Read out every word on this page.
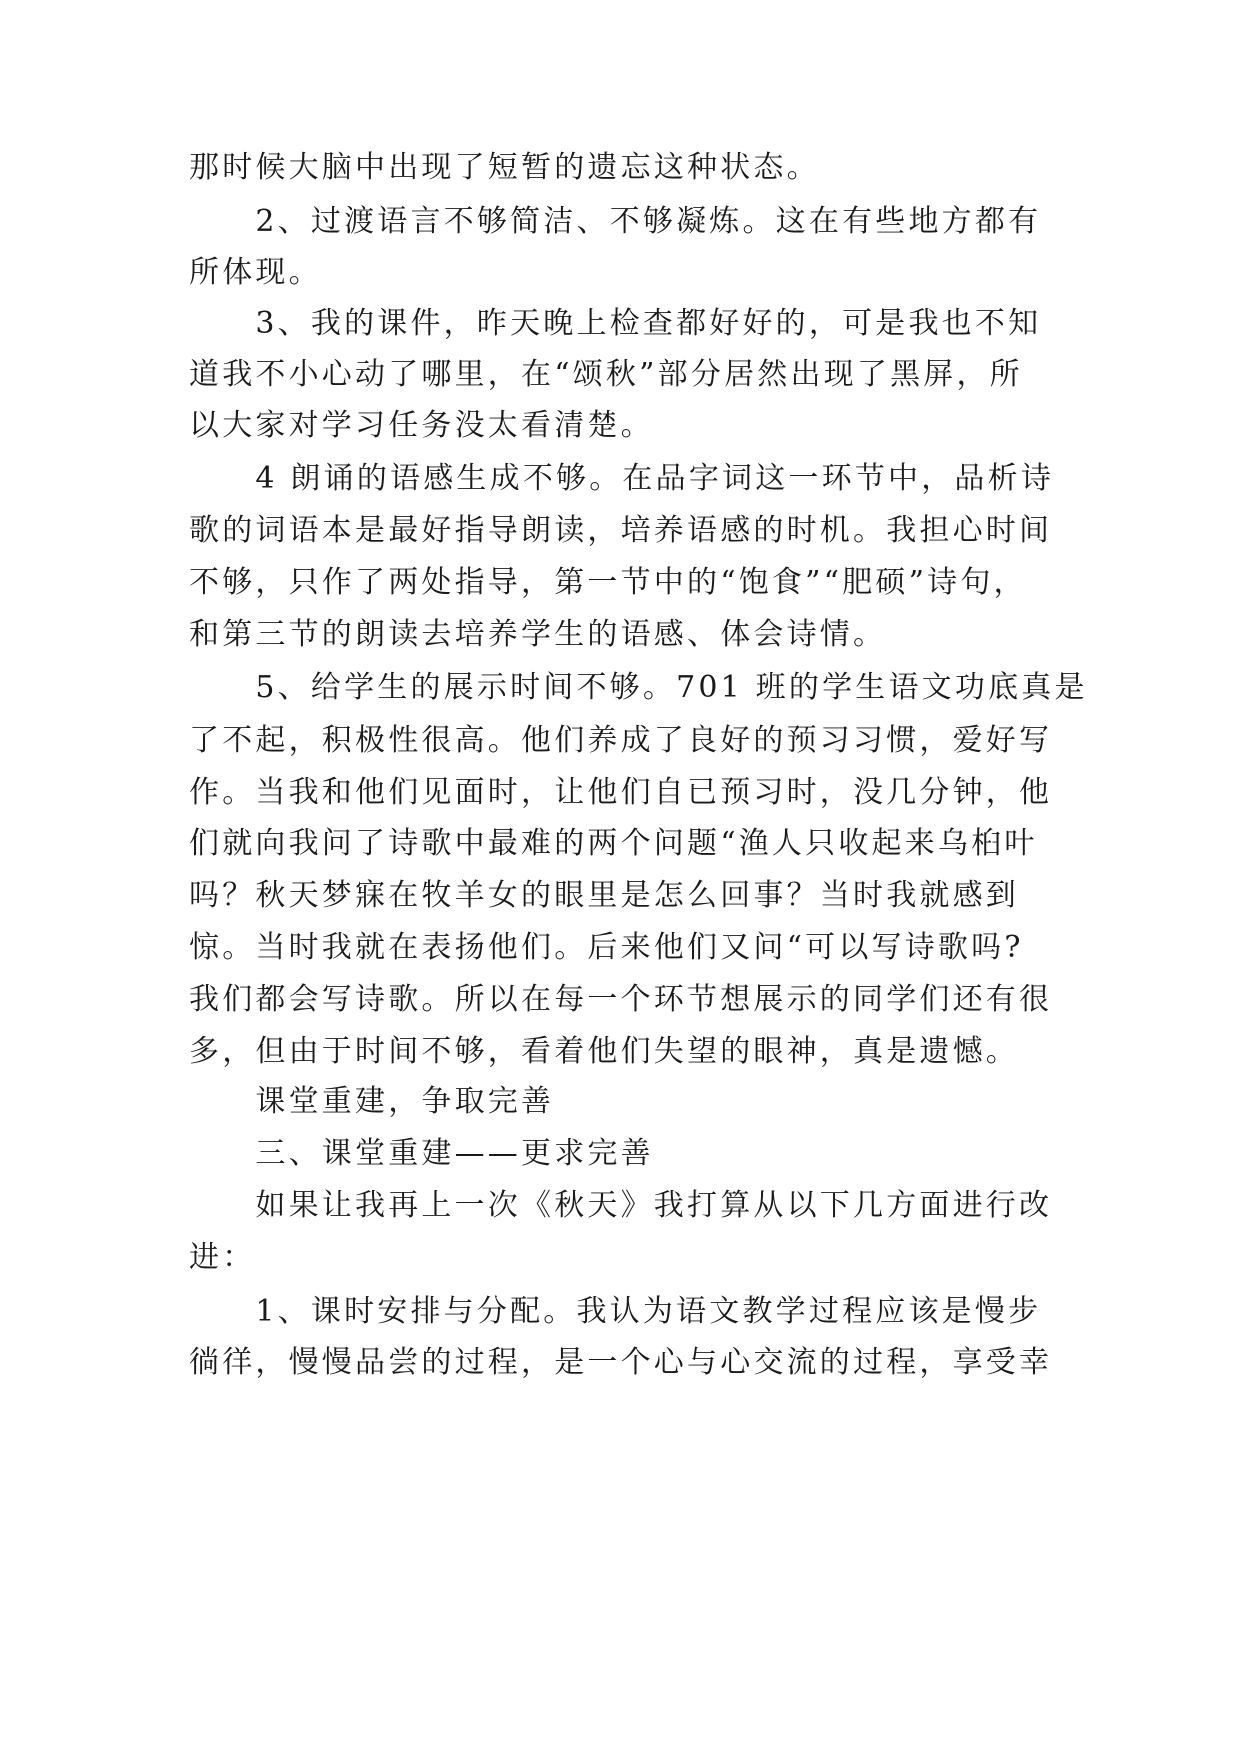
那时候大脑中出现了短暂的遗忘这种状态。
　　2、过渡语言不够简洁、不够凝炼。这在有些地方都有
所体现。
　　3、我的课件，昨天晚上检查都好好的，可是我也不知
道我不小心动了哪里，在“颂秋”部分居然出现了黑屏，所
以大家对学习任务没太看清楚。
　　4 朗诵的语感生成不够。在品字词这一环节中，品析诗
歌的词语本是最好指导朗读，培养语感的时机。我担心时间
不够，只作了两处指导，第一节中的“饱食”“肥硕”诗句，
和第三节的朗读去培养学生的语感、体会诗情。
　　5、给学生的展示时间不够。701 班的学生语文功底真是
了不起，积极性很高。他们养成了良好的预习习惯，爱好写
作。当我和他们见面时，让他们自已预习时，没几分钟，他
们就向我问了诗歌中最难的两个问题“渔人只收起来乌桕叶
吗？秋天梦寐在牧羊女的眼里是怎么回事？当时我就感到
惊。当时我就在表扬他们。后来他们又问“可以写诗歌吗?
我们都会写诗歌。所以在每一个环节想展示的同学们还有很
多，但由于时间不够，看着他们失望的眼神，真是遗憾。
　　课堂重建，争取完善
　　三、课堂重建——更求完善
　　如果让我再上一次《秋天》我打算从以下几方面进行改
进：
　　1、课时安排与分配。我认为语文教学过程应该是慢步
徜徉，慢慢品尝的过程，是一个心与心交流的过程，享受幸
